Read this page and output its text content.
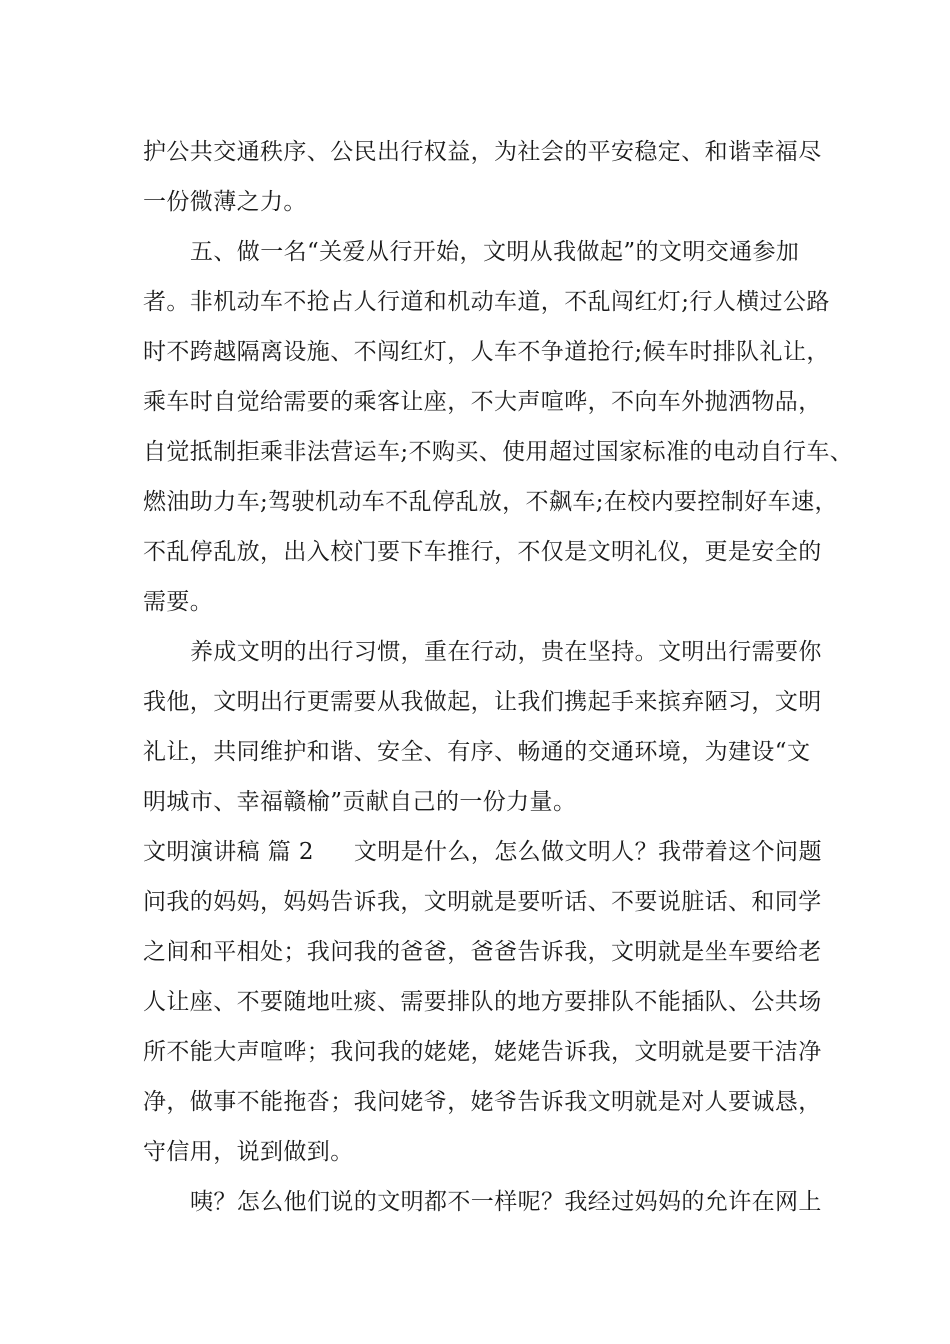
护公共交通秩序、公民出行权益，为社会的平安稳定、和谐幸福尽
一份微薄之力。
五、做一名“关爱从行开始，文明从我做起”的文明交通参加
者。非机动车不抢占人行道和机动车道，不乱闯红灯;行人横过公路
时不跨越隔离设施、不闯红灯，人车不争道抢行;候车时排队礼让，
乘车时自觉给需要的乘客让座，不大声喧哗，不向车外抛洒物品，
自觉抵制拒乘非法营运车;不购买、使用超过国家标准的电动自行车、
燃油助力车;驾驶机动车不乱停乱放，不飙车;在校内要控制好车速，
不乱停乱放，出入校门要下车推行，不仅是文明礼仪，更是安全的
需要。
养成文明的出行习惯，重在行动，贵在坚持。文明出行需要你
我他，文明出行更需要从我做起，让我们携起手来摈弃陋习，文明
礼让，共同维护和谐、安全、有序、畅通的交通环境，为建设“文
明城市、幸福赣榆”贡献自己的一份力量。
文明演讲稿 篇 2 文明是什么，怎么做文明人？我带着这个问题
问我的妈妈，妈妈告诉我，文明就是要听话、不要说脏话、和同学
之间和平相处；我问我的爸爸，爸爸告诉我，文明就是坐车要给老
人让座、不要随地吐痰、需要排队的地方要排队不能插队、公共场
所不能大声喧哗；我问我的姥姥，姥姥告诉我，文明就是要干洁净
净，做事不能拖沓；我问姥爷，姥爷告诉我文明就是对人要诚恳，
守信用，说到做到。
咦？怎么他们说的文明都不一样呢？我经过妈妈的允许在网上
